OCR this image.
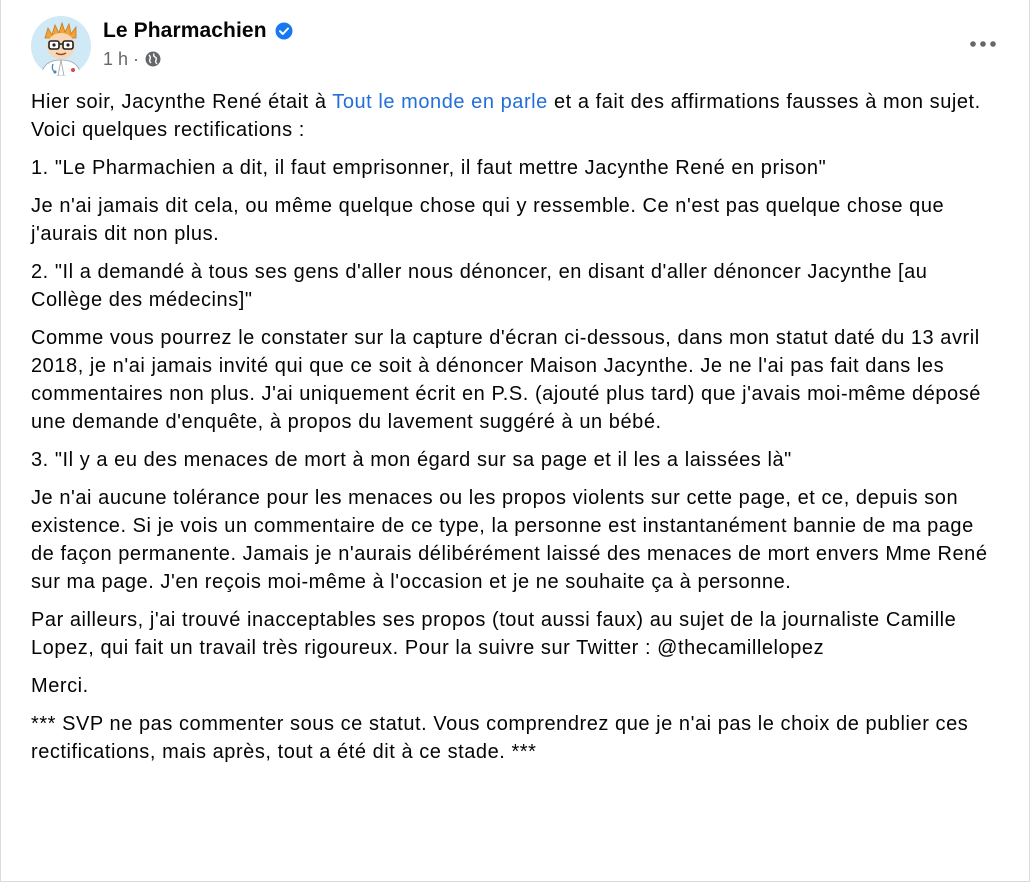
Le Pharmachien
1 h ·

Hier soir, Jacynthe René était à Tout le monde en parle et a fait des affirmations fausses à mon sujet. Voici quelques rectifications :

1. "Le Pharmachien a dit, il faut emprisonner, il faut mettre Jacynthe René en prison"

Je n'ai jamais dit cela, ou même quelque chose qui y ressemble. Ce n'est pas quelque chose que j'aurais dit non plus.

2. "Il a demandé à tous ses gens d'aller nous dénoncer, en disant d'aller dénoncer Jacynthe [au Collège des médecins]"

Comme vous pourrez le constater sur la capture d'écran ci-dessous, dans mon statut daté du 13 avril 2018, je n'ai jamais invité qui que ce soit à dénoncer Maison Jacynthe. Je ne l'ai pas fait dans les commentaires non plus. J'ai uniquement écrit en P.S. (ajouté plus tard) que j'avais moi-même déposé une demande d'enquête, à propos du lavement suggéré à un bébé.

3. "Il y a eu des menaces de mort à mon égard sur sa page et il les a laissées là"

Je n'ai aucune tolérance pour les menaces ou les propos violents sur cette page, et ce, depuis son existence. Si je vois un commentaire de ce type, la personne est instantanément bannie de ma page de façon permanente. Jamais je n'aurais délibérément laissé des menaces de mort envers Mme René sur ma page. J'en reçois moi-même à l'occasion et je ne souhaite ça à personne.

Par ailleurs, j'ai trouvé inacceptables ses propos (tout aussi faux) au sujet de la journaliste Camille Lopez, qui fait un travail très rigoureux. Pour la suivre sur Twitter : @thecamillelopez

Merci.

*** SVP ne pas commenter sous ce statut. Vous comprendrez que je n'ai pas le choix de publier ces rectifications, mais après, tout a été dit à ce stade. ***
